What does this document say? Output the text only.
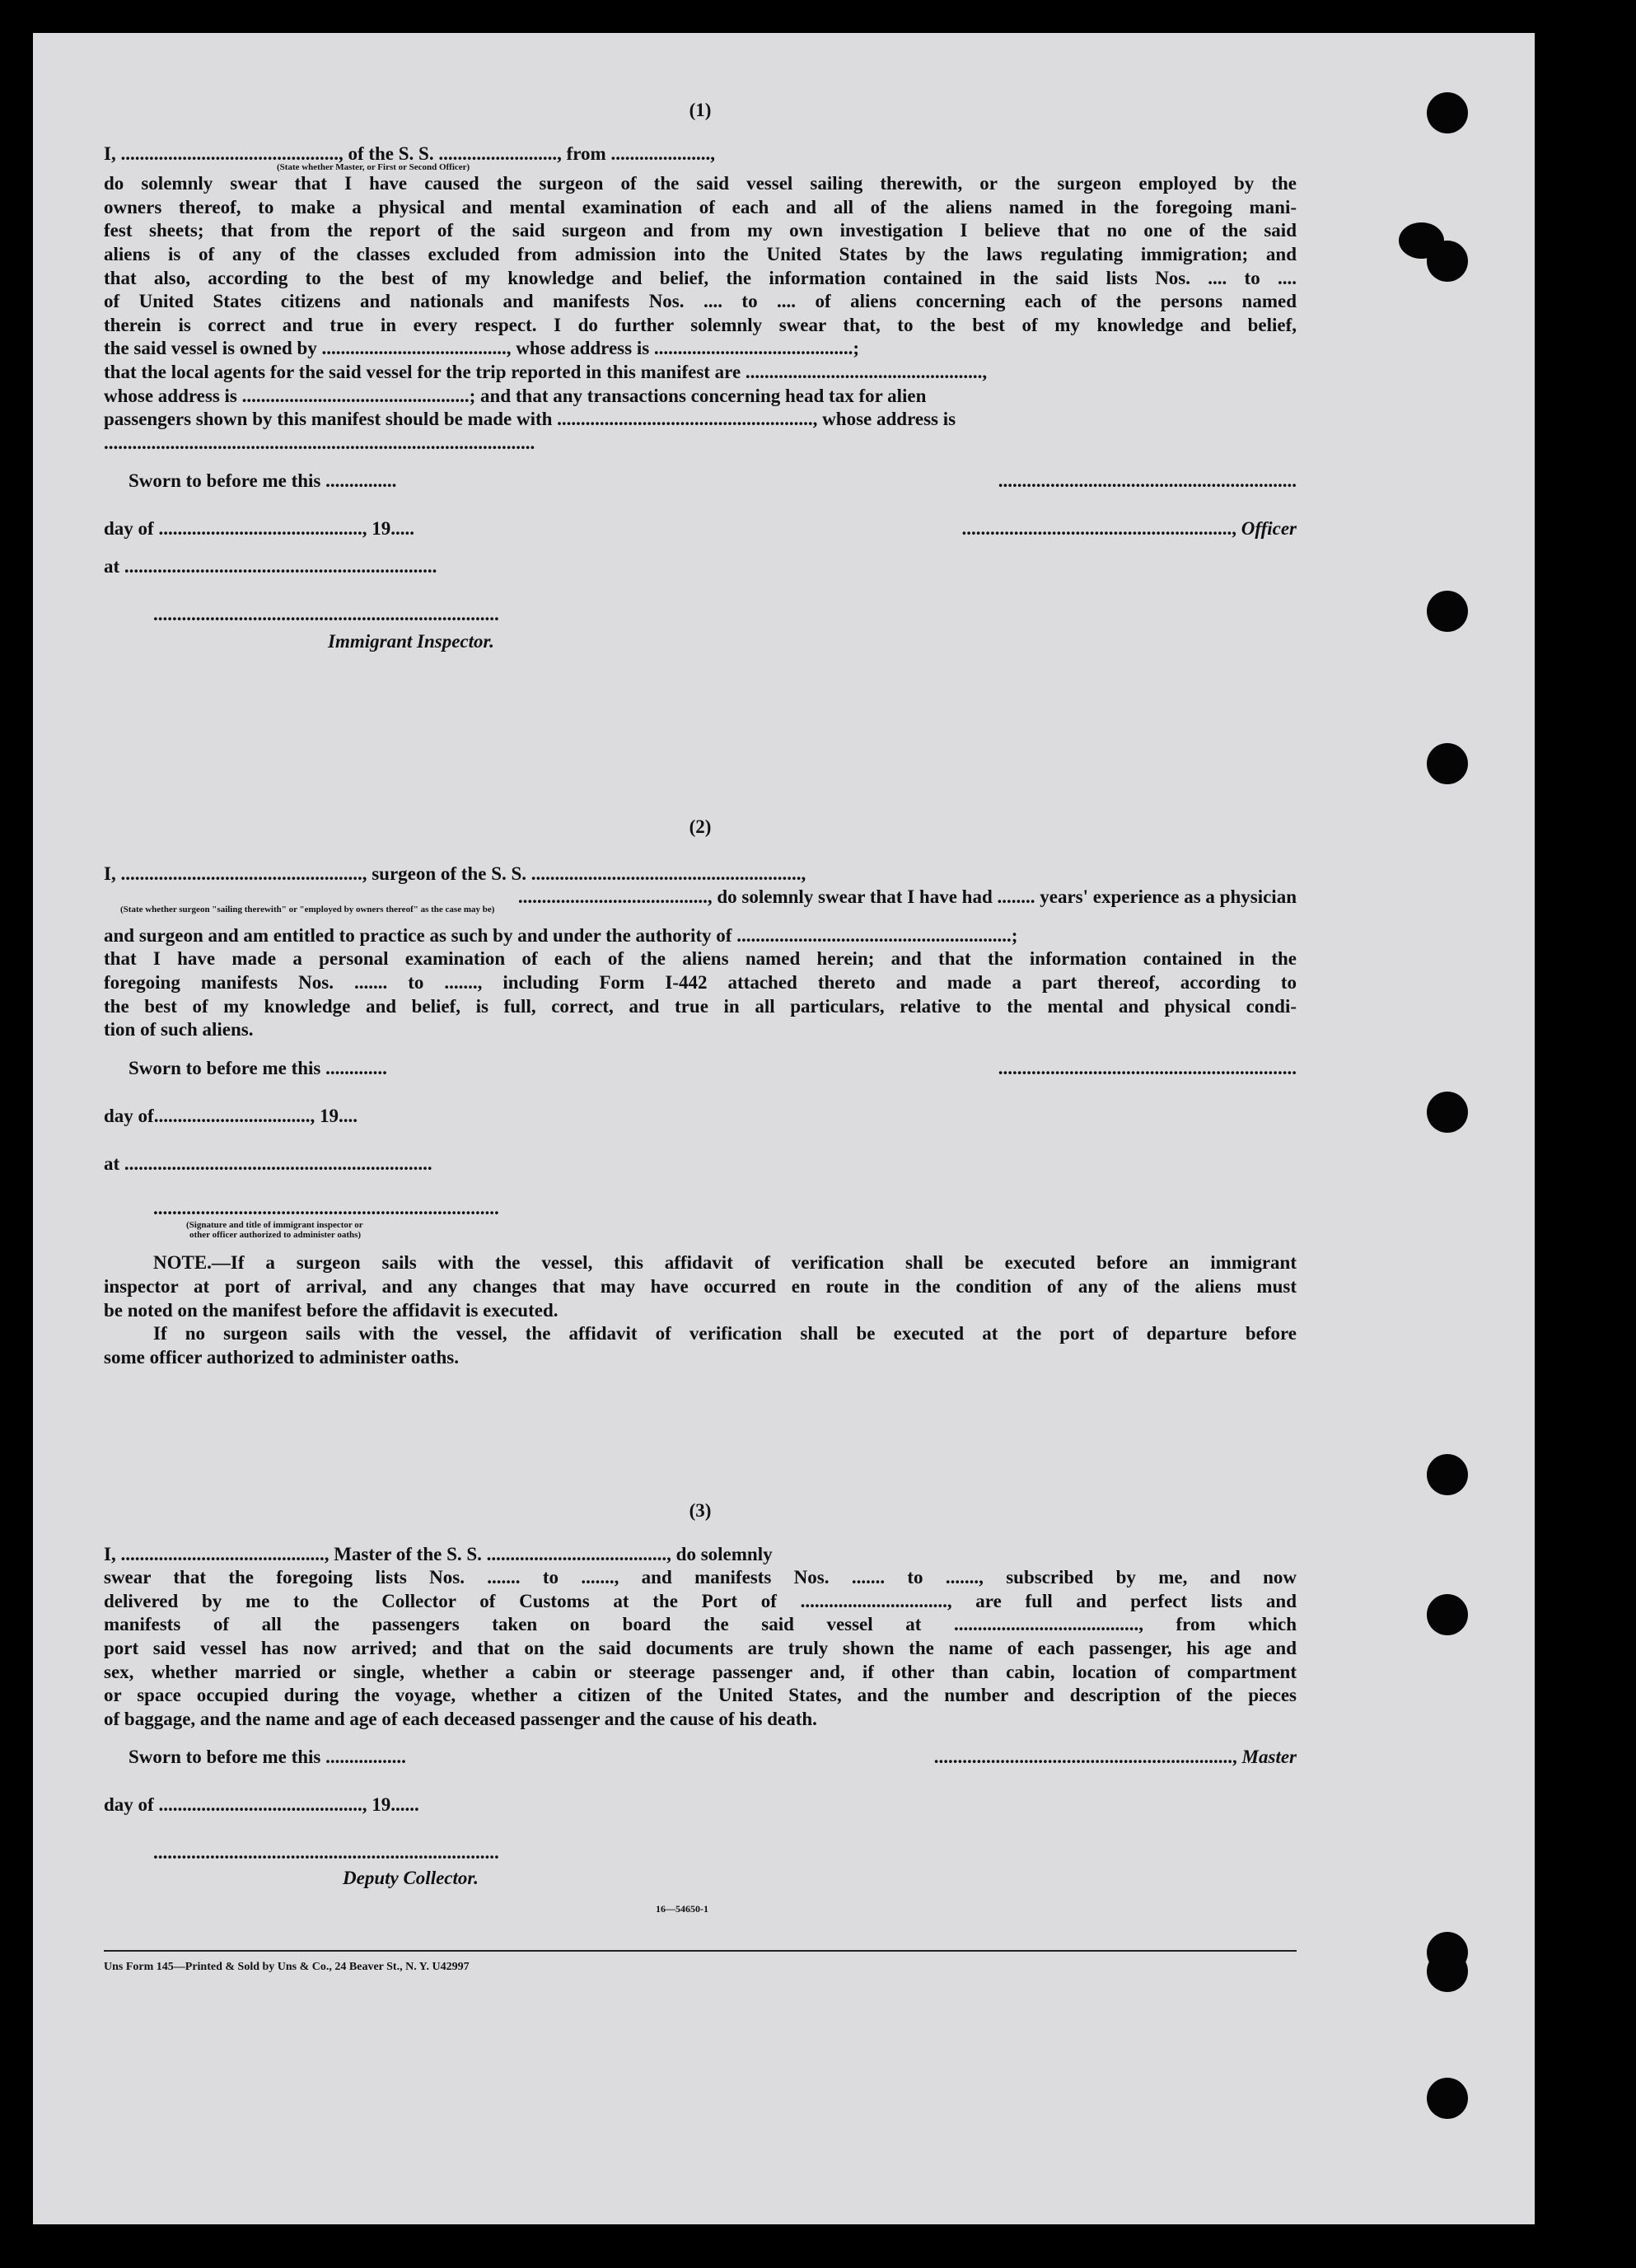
(1)
I, .............................................., of the S. S. ........................., from .....................,
(State whether Master, or First or Second Officer)
do solemnly swear that I have caused the surgeon of the said vessel sailing therewith, or the surgeon employed by the
owners thereof, to make a physical and mental examination of each and all of the aliens named in the foregoing mani-
fest sheets; that from the report of the said surgeon and from my own investigation I believe that no one of the said
aliens is of any of the classes excluded from admission into the United States by the laws regulating immigration; and
that also, according to the best of my knowledge and belief, the information contained in the said lists Nos. .... to ....
of United States citizens and nationals and manifests Nos. .... to .... of aliens concerning each of the persons named
therein is correct and true in every respect. I do further solemnly swear that, to the best of my knowledge and belief,
the said vessel is owned by ......................................., whose address is ..........................................;
that the local agents for the said vessel for the trip reported in this manifest are ..................................................,
whose address is ................................................; and that any transactions concerning head tax for alien
passengers shown by this manifest should be made with ......................................................, whose address is
...........................................................................................
Sworn to before me this ...............	...............................................................
day of ..........................................., 19.....	........................................................., Officer
at ..................................................................
.........................................................................
Immigrant Inspector.
(2)
I, ..................................................., surgeon of the S. S. .........................................................,
........................................, do solemnly swear that I have had ........ years' experience as a physician
(State whether surgeon "sailing therewith" or "employed by owners thereof" as the case may be)
and surgeon and am entitled to practice as such by and under the authority of ..........................................................;
that I have made a personal examination of each of the aliens named herein; and that the information contained in the
foregoing manifests Nos. ....... to ......., including Form I-442 attached thereto and made a part thereof, according to
the best of my knowledge and belief, is full, correct, and true in all particulars, relative to the mental and physical condi-
tion of such aliens.
Sworn to before me this .............	...............................................................
day of................................., 19....
at .................................................................
.........................................................................
(Signature and title of immigrant inspector or
other officer authorized to administer oaths)
NOTE.—If a surgeon sails with the vessel, this affidavit of verification shall be executed before an immigrant
inspector at port of arrival, and any changes that may have occurred en route in the condition of any of the aliens must
be noted on the manifest before the affidavit is executed.
If no surgeon sails with the vessel, the affidavit of verification shall be executed at the port of departure before
some officer authorized to administer oaths.
(3)
I, ..........................................., Master of the S. S. ......................................, do solemnly
swear that the foregoing lists Nos. ....... to ......., and manifests Nos. ....... to ......., subscribed by me, and now
delivered by me to the Collector of Customs at the Port of ..............................., are full and perfect lists and
manifests of all the passengers taken on board the said vessel at ......................................., from which
port said vessel has now arrived; and that on the said documents are truly shown the name of each passenger, his age and
sex, whether married or single, whether a cabin or steerage passenger and, if other than cabin, location of compartment
or space occupied during the voyage, whether a citizen of the United States, and the number and description of the pieces
of baggage, and the name and age of each deceased passenger and the cause of his death.
Sworn to before me this .................	..............................................................., Master
day of ..........................................., 19......
.........................................................................
Deputy Collector.
16—54650-1
Uns Form 145—Printed & Sold by Uns & Co., 24 Beaver St., N. Y. U42997
